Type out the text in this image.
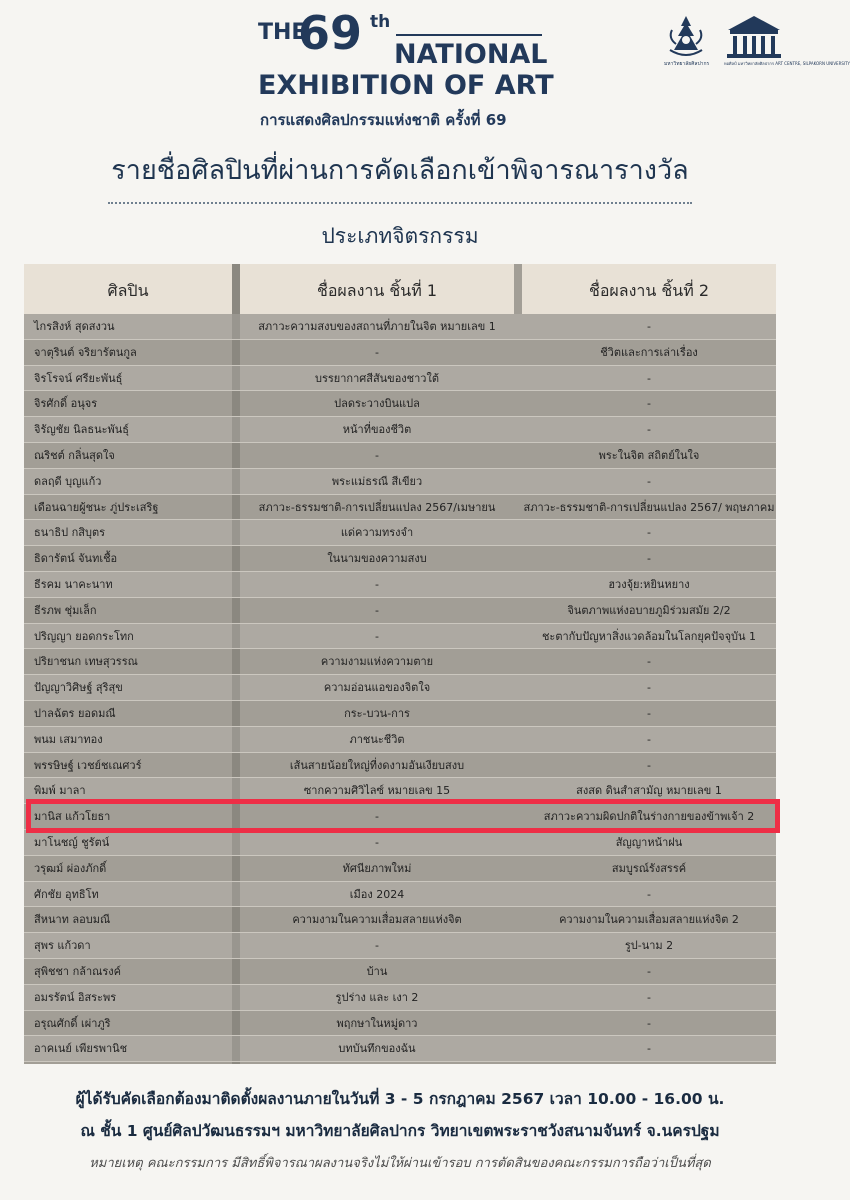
THE
69 th
NATIONAL
EXHIBITION OF ART
การแสดงศิลปกรรมแห่งชาติ ครั้งที่ 69
มหาวิทยาลัยศิลปากร	หอศิลป์ มหาวิทยาลัยศิลปากร ART CENTRE, SILPAKORN UNIVERSITY
รายชื่อศิลปินที่ผ่านการคัดเลือกเข้าพิจารณารางวัล
ประเภทจิตรกรรม
ศิลปิน	ชื่อผลงาน ชิ้นที่ 1	ชื่อผลงาน ชิ้นที่ 2
ไกรสิงห์ สุดสงวน	สภาวะความสงบของสถานที่ภายในจิต หมายเลข 1	-
จาตุรินต์ จริยารัตนกูล	-	ชีวิตและการเล่าเรื่อง
จิรโรจน์ ศรียะพันธุ์	บรรยากาศสีสันของชาวใต้	-
จิรศักดิ์ อนุจร	ปลดระวางบินแปล	-
จิรัญชัย นิลธนะพันธุ์	หน้าที่ของชีวิต	-
ณริชต์ กลิ่นสุดใจ	-	พระในจิต สถิตย์ในใจ
ดลฤดี บุญแก้ว	พระแม่ธรณี สีเขียว	-
เดือนฉายผู้ชนะ ภู่ประเสริฐ	สภาวะ-ธรรมชาติ-การเปลี่ยนแปลง 2567/เมษายน	สภาวะ-ธรรมชาติ-การเปลี่ยนแปลง 2567/ พฤษภาคม
ธนาธิป กสิบุตร	แด่ความทรงจำ	-
ธิดารัตน์ จันทเชื้อ	ในนามของความสงบ	-
ธีรคม นาคะนาท	-	ฮวงจุ้ย:หยินหยาง
ธีรภพ ชุ่มเล็ก	-	จินตภาพแห่งอบายภูมิร่วมสมัย 2/2
ปริญญา ยอดกระโทก	-	ชะตากับปัญหาสิ่งแวดล้อมในโลกยุคปัจจุบัน 1
ปริยาชนก เทษสุวรรณ	ความงามแห่งความตาย	-
ปัญญาวิศิษฐ์ สุริสุข	ความอ่อนแอของจิตใจ	-
ปาลฉัตร ยอดมณี	กระ-บวน-การ	-
พนม เสมาทอง	ภาชนะชีวิต	-
พรรษิษฐ์ เวชย์ชเณศวร์	เส้นสายน้อยใหญ่ที่งดงามอันเงียบสงบ	-
พิมพ์ มาลา	ซากความศิวิไลซ์ หมายเลข 15	สงสด ดินสำสามัญ หมายเลข 1
มานิส แก้วโยธา	-	สภาวะความผิดปกติในร่างกายของข้าพเจ้า 2
มาโนชญ์ ชูรัตน์	-	สัญญาหน้าฝน
วรุฒม์ ผ่องภักดิ์	ทัศนียภาพใหม่	สมบูรณ์รังสรรค์
ศักชัย อุทธิโท	เมือง 2024	-
สีหนาท ลอบมณี	ความงามในความเสื่อมสลายแห่งจิต	ความงามในความเสื่อมสลายแห่งจิต 2
สุพร แก้วดา	-	รูป-นาม 2
สุพิชชา กล้าณรงค์	บ้าน	-
อมรรัตน์ อิสระพร	รูปร่าง และ เงา 2	-
อรุณศักดิ์ เผ่าภูริ	พฤกษาในหมู่ดาว	-
อาคเนย์ เพียรพานิช	บทบันทึกของฉัน	-
ผู้ได้รับคัดเลือกต้องมาติดตั้งผลงานภายในวันที่ 3 - 5 กรกฎาคม 2567 เวลา 10.00 - 16.00 น.
ณ ชั้น 1 ศูนย์ศิลปวัฒนธรรมฯ มหาวิทยาลัยศิลปากร วิทยาเขตพระราชวังสนามจันทร์ จ.นครปฐม
หมายเหตุ คณะกรรมการ มีสิทธิ์พิจารณาผลงานจริงไม่ให้ผ่านเข้ารอบ การตัดสินของคณะกรรมการถือว่าเป็นที่สุด
